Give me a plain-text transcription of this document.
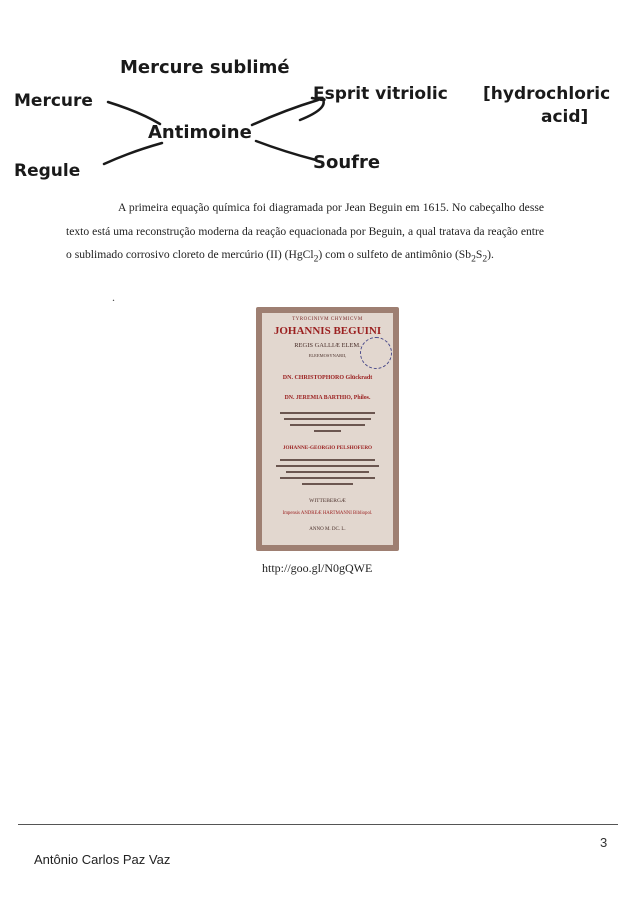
Mercure sublimé
Mercure	Esprit vitriolic [hydrochloric
acid]
Antimoine
Regule	Soufre

A primeira equação química foi diagramada por Jean Beguin em 1615. No cabeçalho desse texto está uma reconstrução moderna da reação equacionada por Beguin, a qual tratava da reação entre o sublimado corrosivo cloreto de mercúrio (II) (HgCl$_2$) com o sulfeto de antimônio $(Sb_2S_2)$.

.
TYROCINIVM CHYMICVM
JOHANNIS BEGUINI
REGIS GALLIÆ ELEM.
ELEEMOSYNARII,
DN. CHRISTOPHORO Glückradt
DN. JEREMIA BARTHIO, Philos.
JOHANNE-GEORGIO PELSHOFERO
WITTEBERGÆ
Impensis ANDREÆ HARTMANNI Bibliopol.
ANNO M. DC. L.
http://goo.gl/N0gQWE
3
Antônio Carlos Paz Vaz
